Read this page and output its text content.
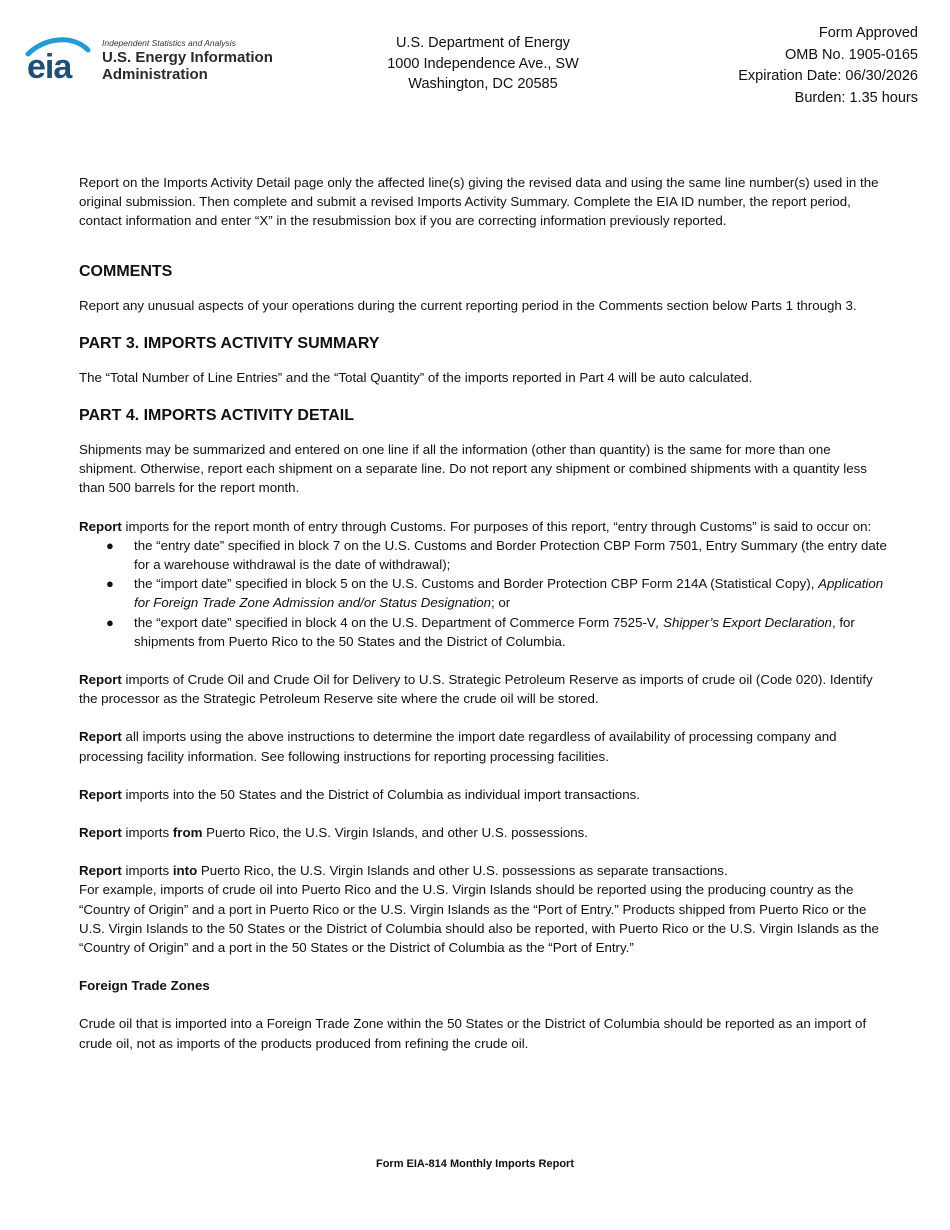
eia
Independent Statistics and Analysis
U.S. Energy Information
Administration
U.S. Department of Energy
1000 Independence Ave., SW
Washington, DC 20585
Form Approved
OMB No. 1905-0165
Expiration Date: 06/30/2026
Burden: 1.35 hours

Report on the Imports Activity Detail page only the affected line(s) giving the revised data and using the same line number(s) used in the original submission. Then complete and submit a revised Imports Activity Summary. Complete the EIA ID number, the report period, contact information and enter “X” in the resubmission box if you are correcting information previously reported.

COMMENTS

Report any unusual aspects of your operations during the current reporting period in the Comments section below Parts 1 through 3.

PART 3. IMPORTS ACTIVITY SUMMARY

The “Total Number of Line Entries” and the “Total Quantity” of the imports reported in Part 4 will be auto calculated.

PART 4. IMPORTS ACTIVITY DETAIL

Shipments may be summarized and entered on one line if all the information (other than quantity) is the same for more than one shipment. Otherwise, report each shipment on a separate line. Do not report any shipment or combined shipments with a quantity less than 500 barrels for the report month.

Report imports for the report month of entry through Customs. For purposes of this report, “entry through Customs” is said to occur on:

● the “entry date” specified in block 7 on the U.S. Customs and Border Protection CBP Form 7501, Entry Summary (the entry date for a warehouse withdrawal is the date of withdrawal);
● the “import date” specified in block 5 on the U.S. Customs and Border Protection CBP Form 214A (Statistical Copy), Application for Foreign Trade Zone Admission and/or Status Designation; or
● the “export date” specified in block 4 on the U.S. Department of Commerce Form 7525-V, Shipper’s Export Declaration, for shipments from Puerto Rico to the 50 States and the District of Columbia.

Report imports of Crude Oil and Crude Oil for Delivery to U.S. Strategic Petroleum Reserve as imports of crude oil (Code 020). Identify the processor as the Strategic Petroleum Reserve site where the crude oil will be stored.

Report all imports using the above instructions to determine the import date regardless of availability of processing company and processing facility information. See following instructions for reporting processing facilities.

Report imports into the 50 States and the District of Columbia as individual import transactions.

Report imports from Puerto Rico, the U.S. Virgin Islands, and other U.S. possessions.

Report imports into Puerto Rico, the U.S. Virgin Islands and other U.S. possessions as separate transactions.

For example, imports of crude oil into Puerto Rico and the U.S. Virgin Islands should be reported using the producing country as the “Country of Origin” and a port in Puerto Rico or the U.S. Virgin Islands as the “Port of Entry.” Products shipped from Puerto Rico or the U.S. Virgin Islands to the 50 States or the District of Columbia should also be reported, with Puerto Rico or the U.S. Virgin Islands as the “Country of Origin” and a port in the 50 States or the District of Columbia as the “Port of Entry.”

Foreign Trade Zones

Crude oil that is imported into a Foreign Trade Zone within the 50 States or the District of Columbia should be reported as an import of crude oil, not as imports of the products produced from refining the crude oil.

Form EIA-814 Monthly Imports Report
